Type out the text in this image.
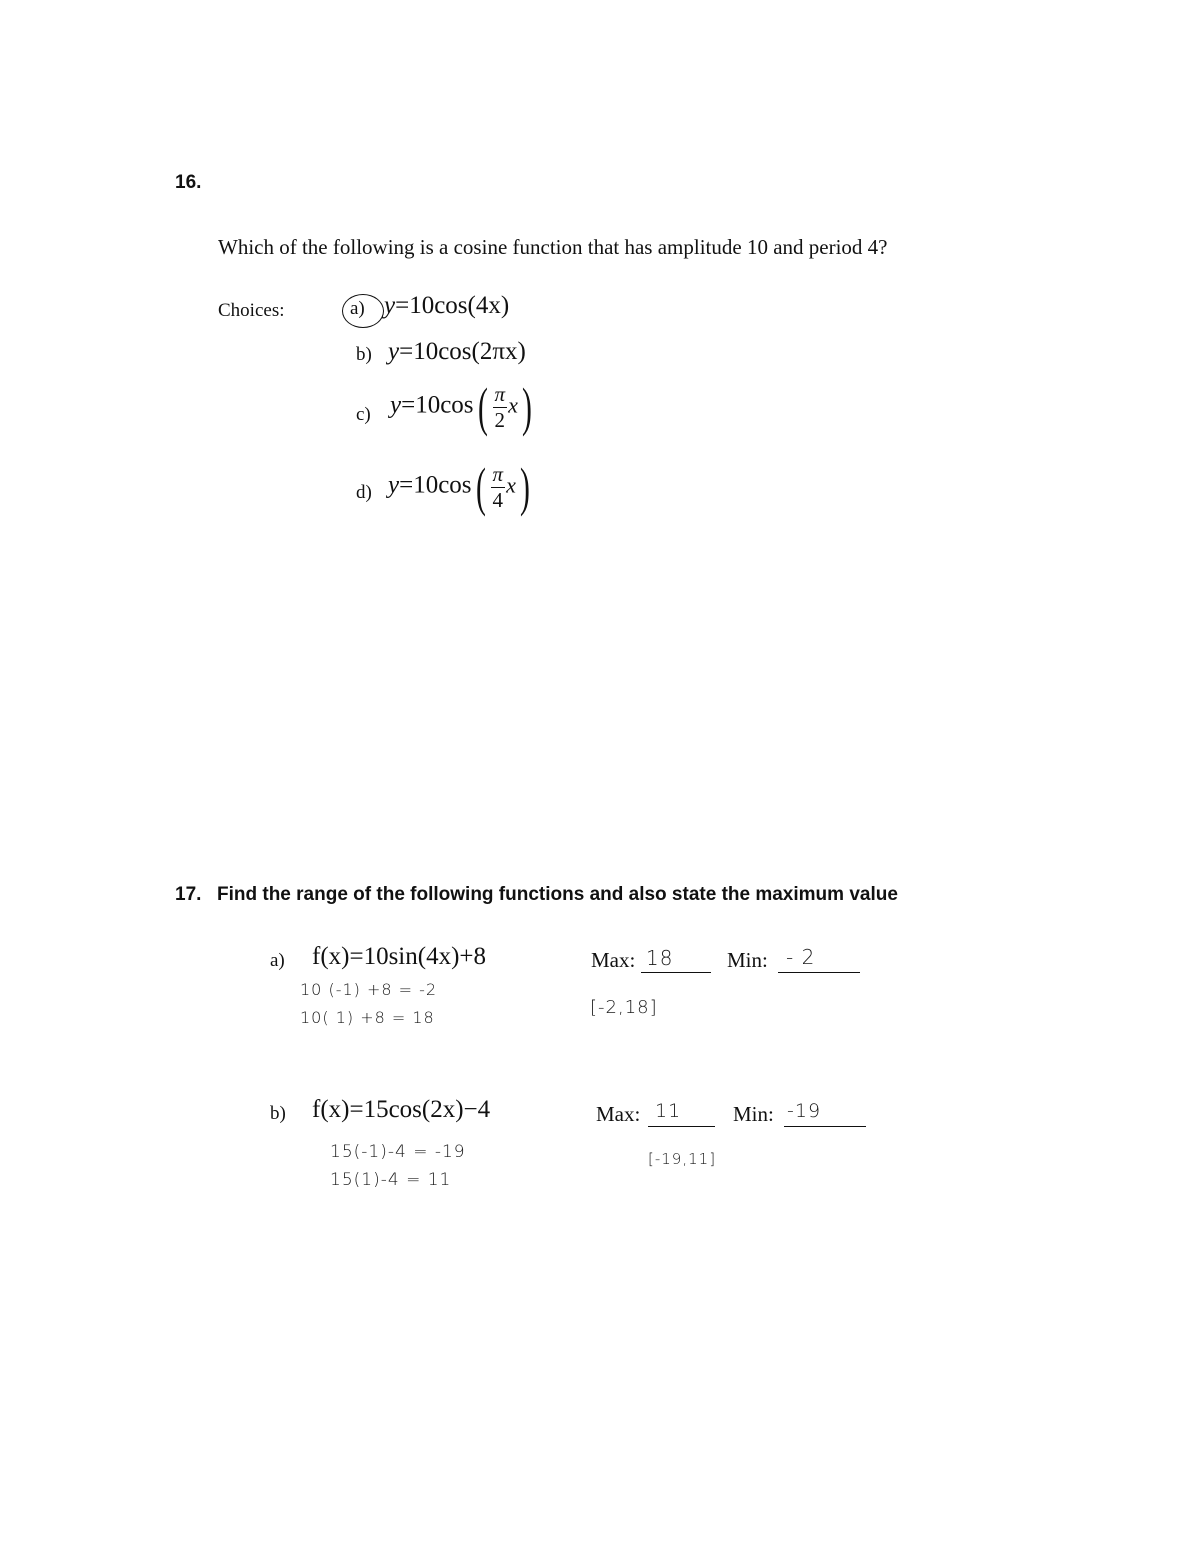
16.
Which of the following is a cosine function that has amplitude 10 and period 4?
Choices:	a) y=10cos(4x)
b) y=10cos(2πx)
c) $y=10\cos( \frac{\pi}{2} x)$
d) $y=10\cos( \frac{\pi}{4} x)$
17. Find the range of the following functions and also state the maximum value
a) f(x)=10sin(4x)+8	Max: 18	Min: - 2
10 (-1) +8 = -2
10( 1) +8 = 18	[-2,18]
b) f(x)=15cos(2x)−4	Max: 11 Min: -19
15(-1)-4 = -19
15(1)-4 = 11
[-19,11]
